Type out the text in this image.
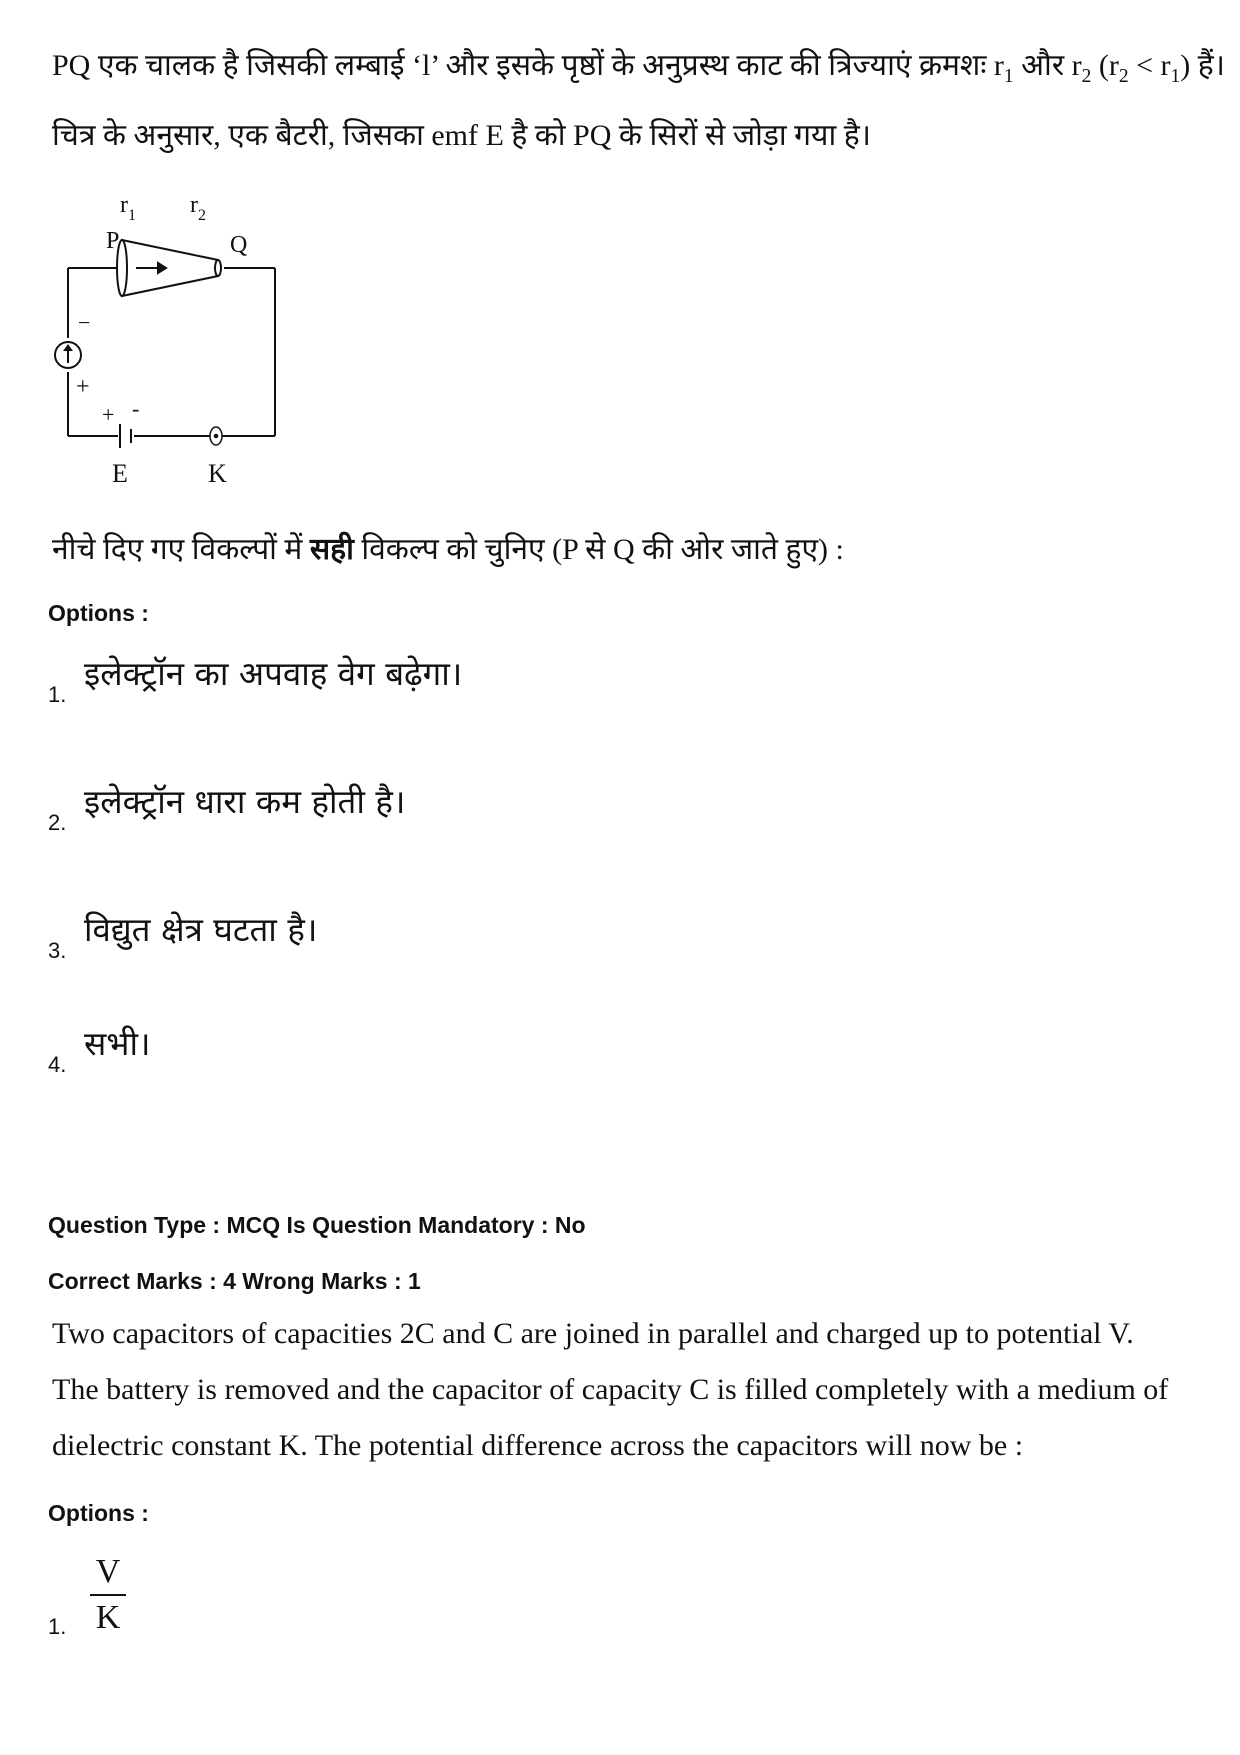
PQ एक चालक है जिसकी लम्बाई ‘l’ और इसके पृष्ठों के अनुप्रस्थ काट की त्रिज्याएं क्रमशः $r_1$ और $r_2$ $(r_2 < r_1)$ हैं।
चित्र के अनुसार, एक बैटरी, जिसका emf E है को PQ के सिरों से जोड़ा गया है।
$r_1$ $r_2$
P	Q
−
+
+ -
E	K
नीचे दिए गए विकल्पों में सही विकल्प को चुनिए (P से Q की ओर जाते हुए) :
Options :
1.
इलेक्ट्रॉन का अपवाह वेग बढ़ेगा।
2.
इलेक्ट्रॉन धारा कम होती है।
3.
विद्युत क्षेत्र घटता है।
4.
सभी।
Question Type : MCQ Is Question Mandatory : No
Correct Marks : 4 Wrong Marks : 1
Two capacitors of capacities 2C and C are joined in parallel and charged up to potential V.
The battery is removed and the capacitor of capacity C is filled completely with a medium of
dielectric constant K. The potential difference across the capacitors will now be :
Options :
1.
V
K
